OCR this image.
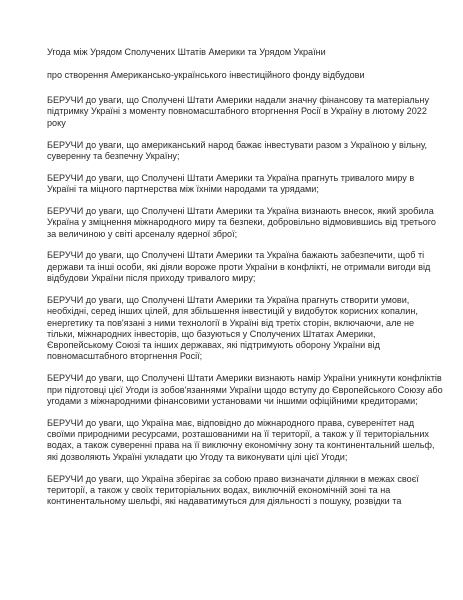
Угода між Урядом Сполучених Штатів Америки та Урядом України

про створення Американсько-українського інвестиційного фонду відбудови

БЕРУЧИ до уваги, що Сполучені Штати Америки надали значну фінансову та матеріальну підтримку Україні з моменту повномасштабного вторгнення Росії в Україну в лютому 2022 року

БЕРУЧИ до уваги, що американський народ бажає інвестувати разом з Україною у вільну, суверенну та безпечну Україну;

БЕРУЧИ до уваги, що Сполучені Штати Америки та Україна прагнуть тривалого миру в Україні та міцного партнерства між їхніми народами та урядами;

БЕРУЧИ до уваги, що Сполучені Штати Америки та Україна визнають внесок, який зробила Україна у зміцнення міжнародного миру та безпеки, добровільно відмовившись від третього за величиною у світі арсеналу ядерної зброї;

БЕРУЧИ до уваги, що Сполучені Штати Америки та Україна бажають забезпечити, щоб ті держави та інші особи, які діяли вороже проти України в конфлікті, не отримали вигоди від відбудови України після приходу тривалого миру;

БЕРУЧИ до уваги, що Сполучені Штати Америки та Україна прагнуть створити умови, необхідні, серед інших цілей, для збільшення інвестицій у видобуток корисних копалин, енергетику та пов'язані з ними технології в Україні від третіх сторін, включаючи, але не тільки, міжнародних інвесторів, що базуються у Сполучених Штатах Америки, Європейському Союзі та інших державах, які підтримують оборону України від повномасштабного вторгнення Росії;

БЕРУЧИ до уваги, що Сполучені Штати Америки визнають намір України уникнути конфліктів при підготовці цієї Угоди із зобов'язаннями України щодо вступу до Європейського Союзу або угодами з міжнародними фінансовими установами чи іншими офіційними кредиторами;

БЕРУЧИ до уваги, що Україна має, відповідно до міжнародного права, суверенітет над своїми природними ресурсами, розташованими на її території, а також у її територіальних водах, а також суверенні права на її виключну економічну зону та континентальний шельф, які дозволяють Україні укладати цю Угоду та виконувати цілі цієї Угоди;

БЕРУЧИ до уваги, що Україна зберігає за собою право визначати ділянки в межах своєї території, а також у своїх територіальних водах, виключній економічній зоні та на континентальному шельфі, які надаватимуться для діяльності з пошуку, розвідки та
